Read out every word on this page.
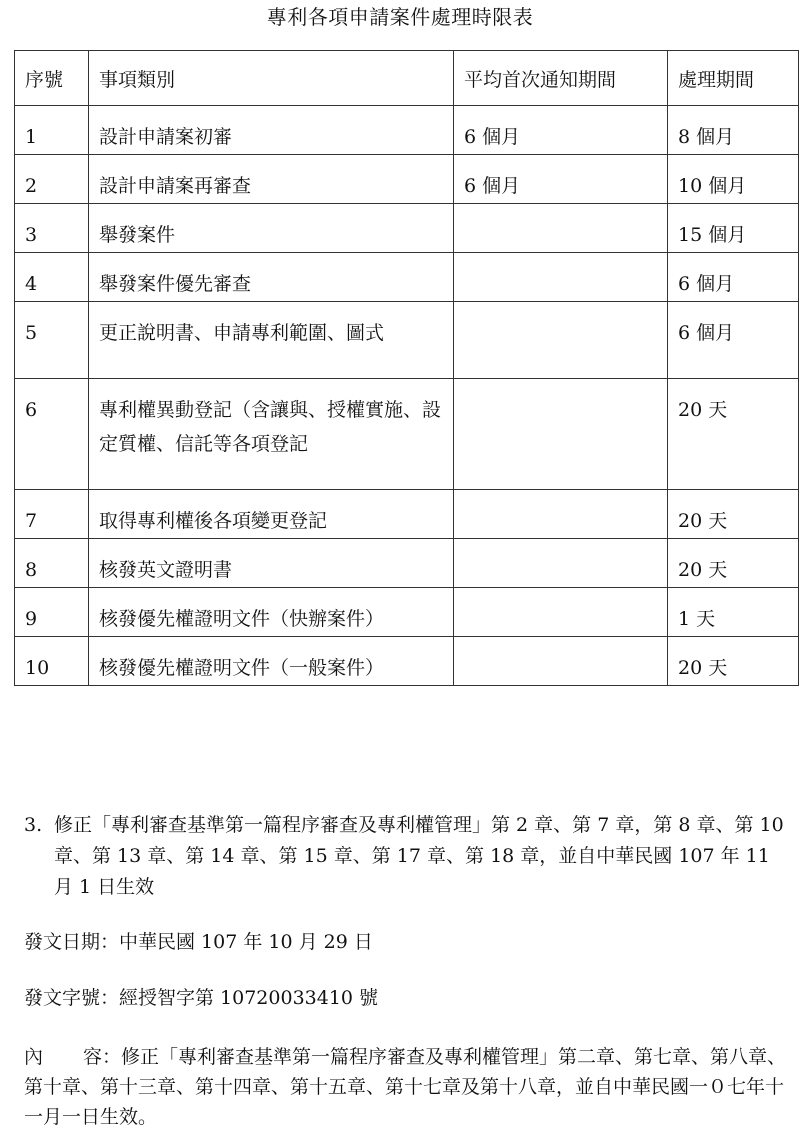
專利各項申請案件處理時限表
序號	事項類別	平均首次通知期間	處理期間
1	設計申請案初審	6 個月	8 個月
2	設計申請案再審查	6 個月	10 個月
3	舉發案件		15 個月
4	舉發案件優先審查		6 個月
5	更正說明書、申請專利範圍、圖式		6 個月
6	專利權異動登記（含讓與、授權實施、設定質權、信託等各項登記		20 天
7	取得專利權後各項變更登記		20 天
8	核發英文證明書		20 天
9	核發優先權證明文件（快辦案件）		1 天
10	核發優先權證明文件（一般案件）		20 天
3. 修正「專利審查基準第一篇程序審查及專利權管理」第 2 章、第 7 章，第 8 章、第 10 章、第 13 章、第 14 章、第 15 章、第 17 章、第 18 章，並自中華民國 107 年 11 月 1 日生效
發文日期：中華民國 107 年 10 月 29 日
發文字號：經授智字第 10720033410 號
內 容：修正「專利審查基準第一篇程序審查及專利權管理」第二章、第七章、第八章、第十章、第十三章、第十四章、第十五章、第十七章及第十八章，並自中華民國一０七年十一月一日生效。
